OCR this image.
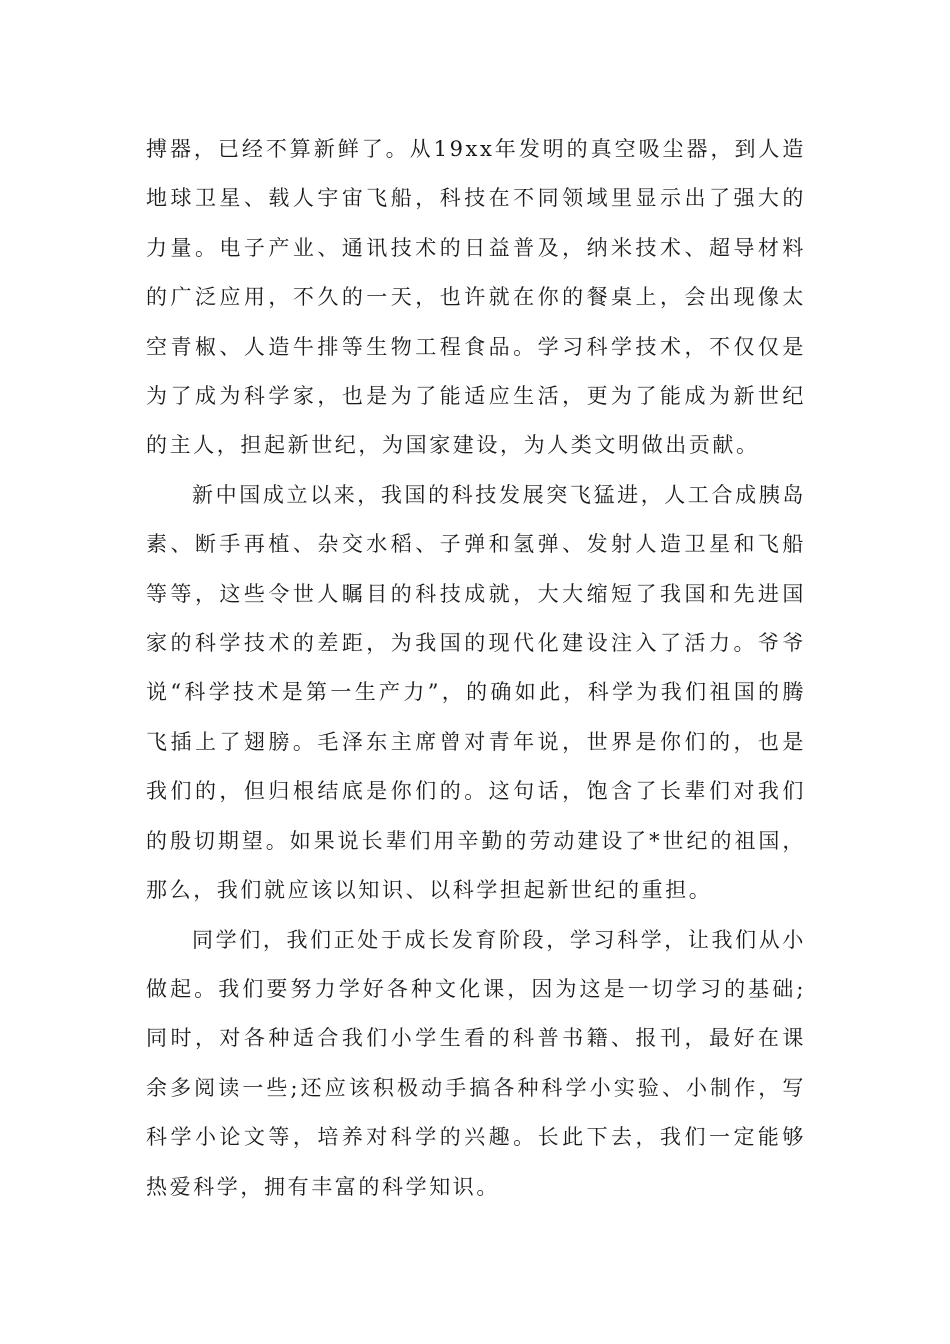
搏器，已经不算新鲜了。从19xx年发明的真空吸尘器，到人造地球卫星、载人宇宙飞船，科技在不同领域里显示出了强大的力量。电子产业、通讯技术的日益普及，纳米技术、超导材料的广泛应用，不久的一天，也许就在你的餐桌上，会出现像太空青椒、人造牛排等生物工程食品。学习科学技术，不仅仅是为了成为科学家，也是为了能适应生活，更为了能成为新世纪的主人，担起新世纪，为国家建设，为人类文明做出贡献。

新中国成立以来，我国的科技发展突飞猛进，人工合成胰岛素、断手再植、杂交水稻、子弹和氢弹、发射人造卫星和飞船等等，这些令世人瞩目的科技成就，大大缩短了我国和先进国家的科学技术的差距，为我国的现代化建设注入了活力。爷爷说“科学技术是第一生产力”，的确如此，科学为我们祖国的腾飞插上了翅膀。毛泽东主席曾对青年说，世界是你们的，也是我们的，但归根结底是你们的。这句话，饱含了长辈们对我们的殷切期望。如果说长辈们用辛勤的劳动建设了*世纪的祖国，那么，我们就应该以知识、以科学担起新世纪的重担。

同学们，我们正处于成长发育阶段，学习科学，让我们从小做起。我们要努力学好各种文化课，因为这是一切学习的基础;同时，对各种适合我们小学生看的科普书籍、报刊，最好在课余多阅读一些;还应该积极动手搞各种科学小实验、小制作，写科学小论文等，培养对科学的兴趣。长此下去，我们一定能够热爱科学，拥有丰富的科学知识。
